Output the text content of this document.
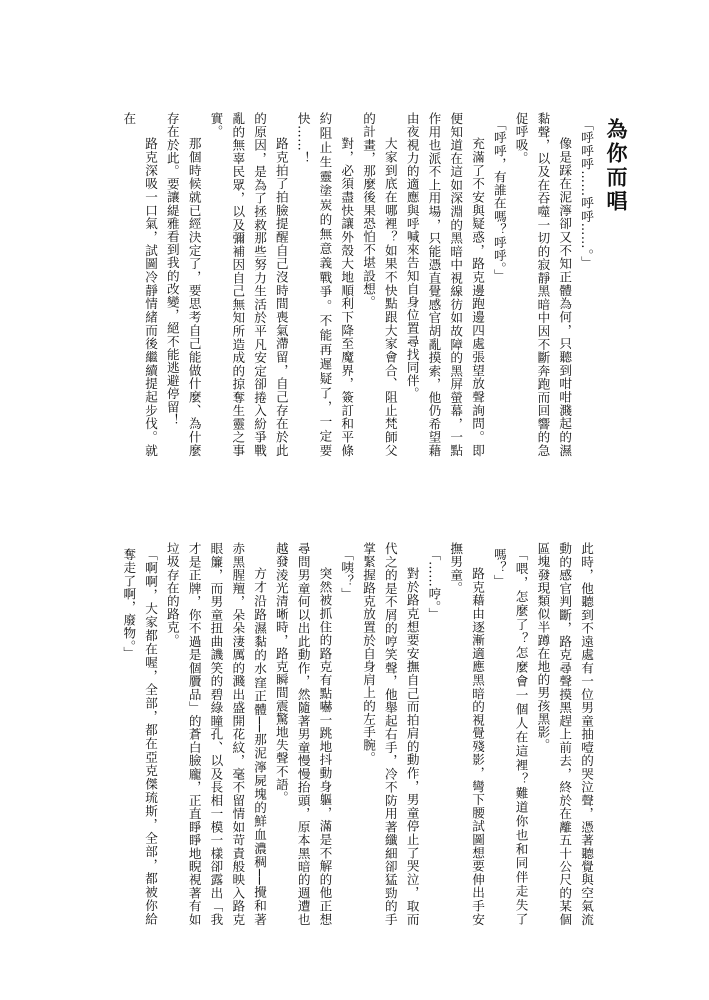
為你而唱

「呼呼呼……呼呼……。」

像是踩在泥濘卻又不知正體為何，只聽到咁咁濺起的濕黏聲，以及在吞噬一切的寂靜黑暗中因不斷奔跑而回響的急促呼吸。

「呼呼，有誰在嗎？呼呼。」

充滿了不安與疑惑，路克邊跑邊四處張望放聲詢問。即便知道在這如深淵的黑暗中視線彷如故障的黑屏螢幕，一點作用也派不上用場，只能憑直覺感官胡亂摸索，他仍希望藉由夜視力的適應與呼喊來告知自身位置尋找同伴。

大家到底在哪裡？如果不快點跟大家會合、阻止梵師父的計畫，那麼後果恐怕不堪設想。

對，必須盡快讓外殼大地順利下降至魔界，簽訂和平條約阻止生靈塗炭的無意義戰爭。不能再遲疑了，一定要快……！

路克拍了拍臉提醒自己沒時間喪氣滯留，自己存在於此的原因，是為了拯救那些努力生活於平凡安定卻捲入紛爭戰亂的無辜民眾，以及彌補因自己無知所造成的掠奪生靈之事實。

那個時候就已經決定了，要思考自己能做什麼、為什麼存在於此。要讓緹雅看到我的改變，絕不能逃避停留！

路克深吸一口氣，試圖冷靜情緒而後繼續提起步伐。就在

此時，他聽到不遠處有一位男童抽噎的哭泣聲，憑著聽覺與空氣流動的感官判斷，路克尋聲摸黑趕上前去，終於在離五十公尺的某個區塊發現類似半蹲在地的男孩黑影。

「喂，怎麼了？怎麼會一個人在這裡？難道你也和同伴走失了嗎？」

路克藉由逐漸適應黑暗的視覺殘影，彎下腰試圖想要伸出手安撫男童。

「……哼。」

對於路克想要安撫自己而拍肩的動作，男童停止了哭泣，取而代之的是不屑的哼笑聲，他舉起右手，冷不防用著纖細卻猛勁的手掌緊握路克放置於自身肩上的左手腕。

「咦？」

突然被抓住的路克有點嚇一跳地抖動身軀，滿是不解的他正想尋問男童何以出此動作，然隨著男童慢慢抬頭，原本黑暗的週遭也越發淩光清晰時，路克瞬間震驚地失聲不語。

方才沿路濕黏的水窪正體──那泥濘屍塊的鮮血濃稠──攪和著赤黑腥羶，朵朵淒厲的濺出盛開花紋，毫不留情如苛責般映入路克眼簾，而男童扭曲譏笑的碧綠瞳孔、以及長相一模一樣卻露出「我才是正牌，你不過是個贗品」的蒼白臉龐，正直睜睜地睨視著有如垃圾存在的路克。

「啊啊，大家都在喔，全部，都在亞克傑琉斯，全部，都被你給奪走了啊，廢物。」
